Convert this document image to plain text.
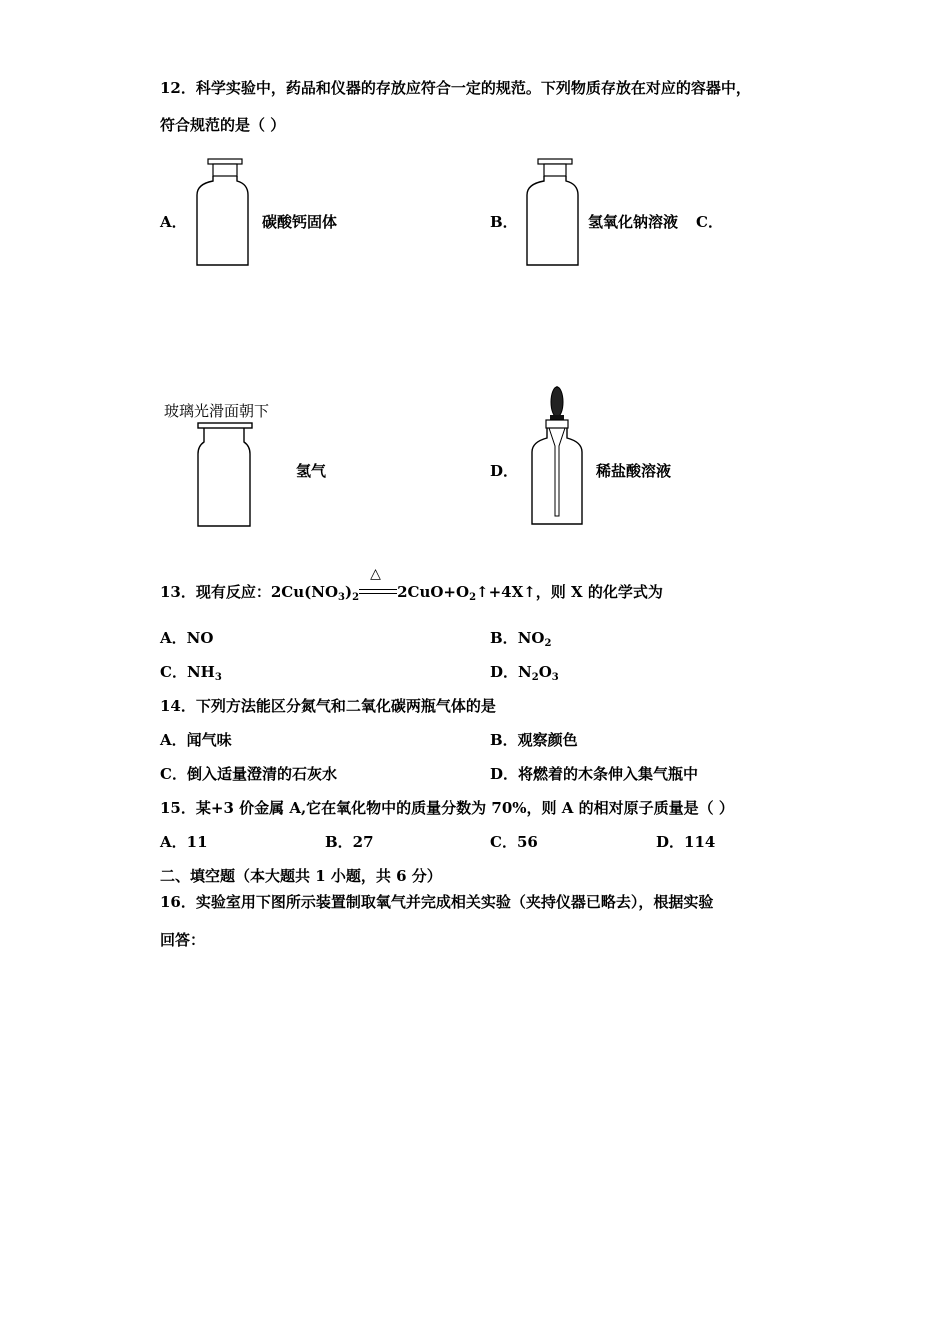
12．科学实验中，药品和仪器的存放应符合一定的规范。下列物质存放在对应的容器中，
符合规范的是（ ）
A．	碳酸钙固体	B．	氢氧化钠溶液 C．
玻璃光滑面朝下
氢气	D．	稀盐酸溶液
13．现有反应：$2Cu(NO_3)_2$
△
$2CuO+O_2↑+4X↑$，则 X 的化学式为
A．NO	B．$NO_2$
C．$NH_3$	D．$N_2O_3$
14．下列方法能区分氮气和二氧化碳两瓶气体的是
A．闻气味	B．观察颜色
C．倒入适量澄清的石灰水	D．将燃着的木条伸入集气瓶中
15．某+3 价金属 A,它在氧化物中的质量分数为 70%，则 A 的相对原子质量是（ ）
A．11	B．27	C．56	D．114
二、填空题（本大题共 1 小题，共 6 分）
16．实验室用下图所示装置制取氧气并完成相关实验（夹持仪器已略去），根据实验
回答：
